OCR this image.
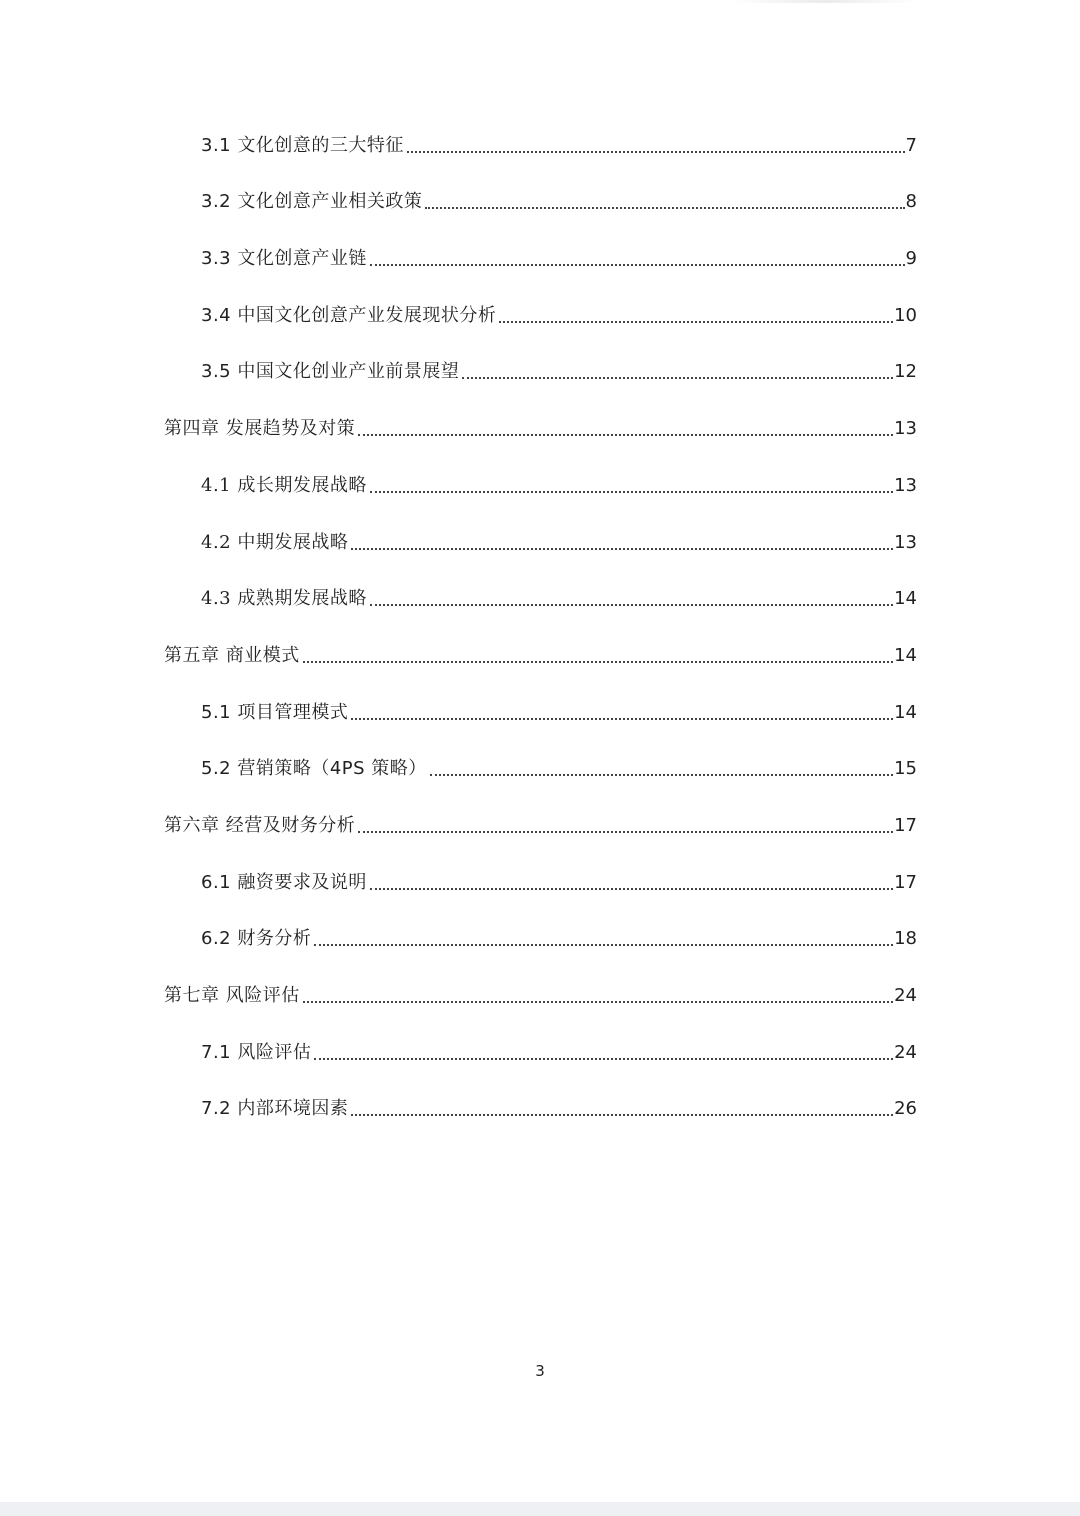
3.1 文化创意的三大特征	7
3.2 文化创意产业相关政策	8
3.3 文化创意产业链	9
3.4 中国文化创意产业发展现状分析	10
3.5 中国文化创业产业前景展望	12
第四章 发展趋势及对策	13
4.1 成长期发展战略	13
4.2 中期发展战略	13
4.3 成熟期发展战略	14
第五章 商业模式	14
5.1 项目管理模式	14
5.2 营销策略（4PS 策略）	15
第六章 经营及财务分析	17
6.1 融资要求及说明	17
6.2 财务分析	18
第七章 风险评估	24
7.1 风险评估	24
7.2 内部环境因素	26
3
